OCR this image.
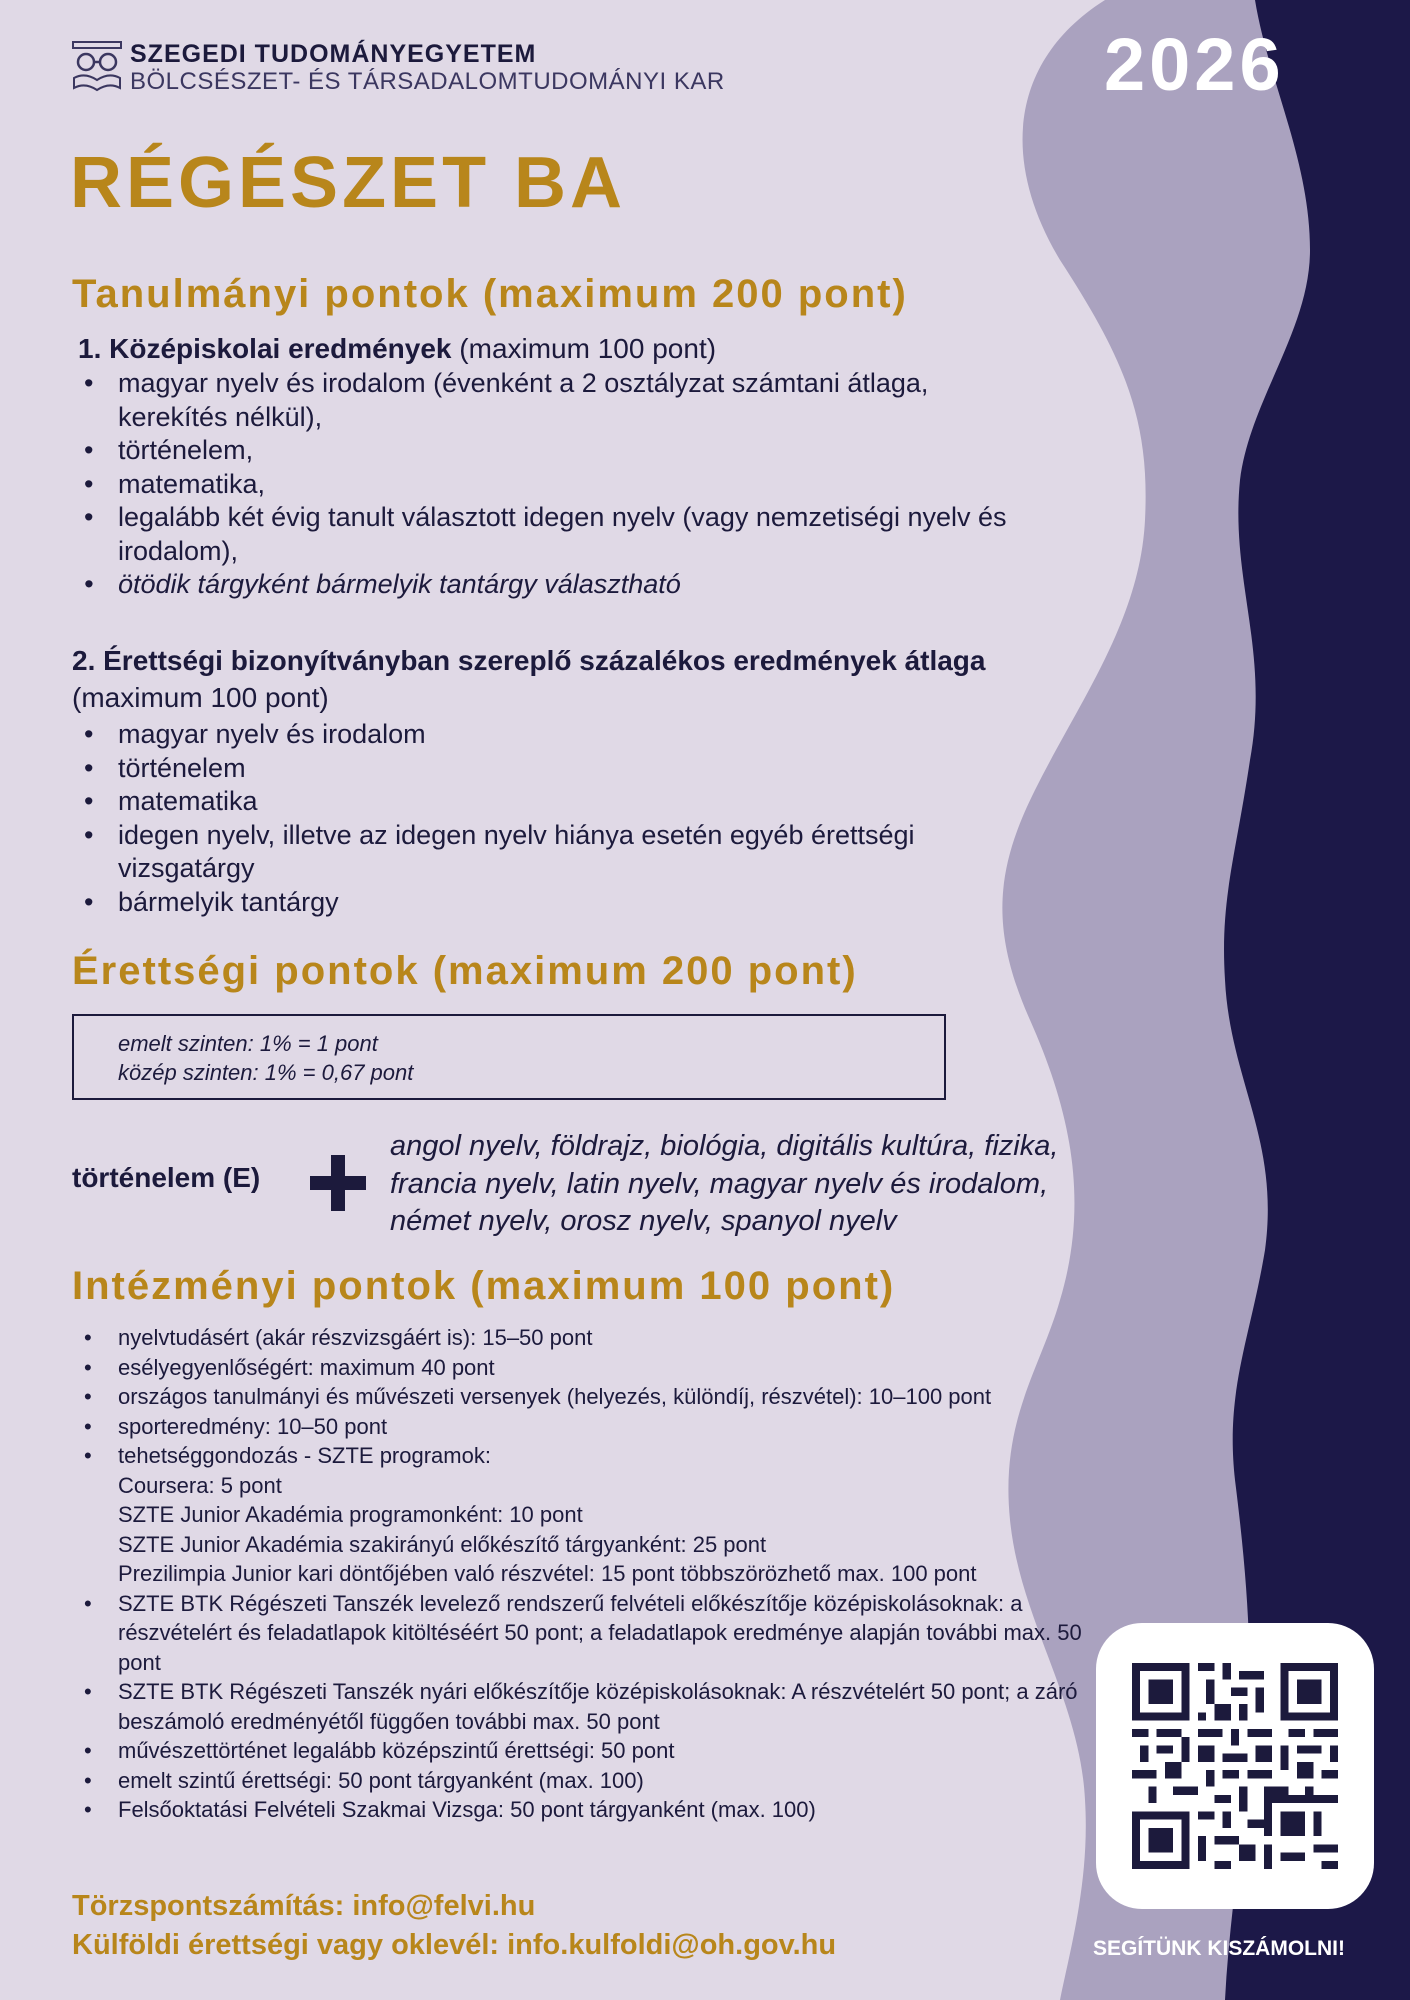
SZEGEDI TUDOMÁNYEGYETEM
BÖLCSÉSZET- ÉS TÁRSADALOMTUDOMÁNYI KAR	2026
RÉGÉSZET BA
Tanulmányi pontok (maximum 200 pont)

1. Középiskolai eredmények (maximum 100 pont)

• magyar nyelv és irodalom (évenként a 2 osztályzat számtani átlaga, kerekítés nélkül),
• történelem,
• matematika,
• legalább két évig tanult választott idegen nyelv (vagy nemzetiségi nyelv és irodalom),
• ötödik tárgyként bármelyik tantárgy választható

2. Érettségi bizonyítványban szereplő százalékos eredmények átlaga (maximum 100 pont)

• magyar nyelv és irodalom
• történelem
• matematika
• idegen nyelv, illetve az idegen nyelv hiánya esetén egyéb érettségi vizsgatárgy
• bármelyik tantárgy
Érettségi pontok (maximum 200 pont)
emelt szinten: 1% = 1 pont
közép szinten: 1% = 0,67 pont
történelem (E)
angol nyelv, földrajz, biológia, digitális kultúra, fizika, francia nyelv, latin nyelv, magyar nyelv és irodalom, német nyelv, orosz nyelv, spanyol nyelv
Intézményi pontok (maximum 100 pont)
• nyelvtudásért (akár részvizsgáért is): 15–50 pont
• esélyegyenlőségért: maximum 40 pont
• országos tanulmányi és művészeti versenyek (helyezés, különdíj, részvétel): 10–100 pont
• sporteredmény: 10–50 pont
• tehetséggondozás - SZTE programok:
Coursera: 5 pont
SZTE Junior Akadémia programonként: 10 pont
SZTE Junior Akadémia szakirányú előkészítő tárgyanként: 25 pont
Prezilimpia Junior kari döntőjében való részvétel: 15 pont többszörözhető max. 100 pont
• SZTE BTK Régészeti Tanszék levelező rendszerű felvételi előkészítője középiskolásoknak: a részvételért és feladatlapok kitöltéséért 50 pont; a feladatlapok eredménye alapján további max. 50 pont
• SZTE BTK Régészeti Tanszék nyári előkészítője középiskolásoknak: A részvételért 50 pont; a záró beszámoló eredményétől függően további max. 50 pont
• művészettörténet legalább középszintű érettségi: 50 pont
• emelt szintű érettségi: 50 pont tárgyanként (max. 100)
• Felsőoktatási Felvételi Szakmai Vizsga: 50 pont tárgyanként (max. 100)
Törzspontszámítás: info@felvi.hu
Külföldi érettségi vagy oklevél: info.kulfoldi@oh.gov.hu	SEGÍTÜNK KISZÁMOLNI!
